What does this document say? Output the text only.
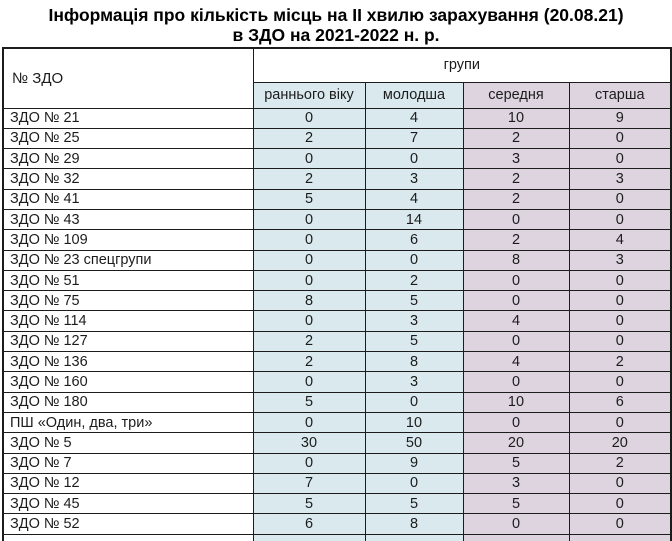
Інформація про кількість місць на ІІ хвилю зарахування (20.08.21)
в ЗДО на 2021-2022 н. р.
№ ЗДО	групи			
	раннього віку	молодша	середня	старша
ЗДО № 21	0	4	10	9
ЗДО № 25	2	7	2	0
ЗДО № 29	0	0	3	0
ЗДО № 32	2	3	2	3
ЗДО № 41	5	4	2	0
ЗДО № 43	0	14	0	0
ЗДО № 109	0	6	2	4
ЗДО № 23 спецгрупи	0	0	8	3
ЗДО № 51	0	2	0	0
ЗДО № 75	8	5	0	0
ЗДО № 114	0	3	4	0
ЗДО № 127	2	5	0	0
ЗДО № 136	2	8	4	2
ЗДО № 160	0	3	0	0
ЗДО № 180	5	0	10	6
ПШ «Один, два, три»	0	10	0	0
ЗДО № 5	30	50	20	20
ЗДО № 7	0	9	5	2
ЗДО № 12	7	0	3	0
ЗДО № 45	5	5	5	0
ЗДО № 52	6	8	0	0
